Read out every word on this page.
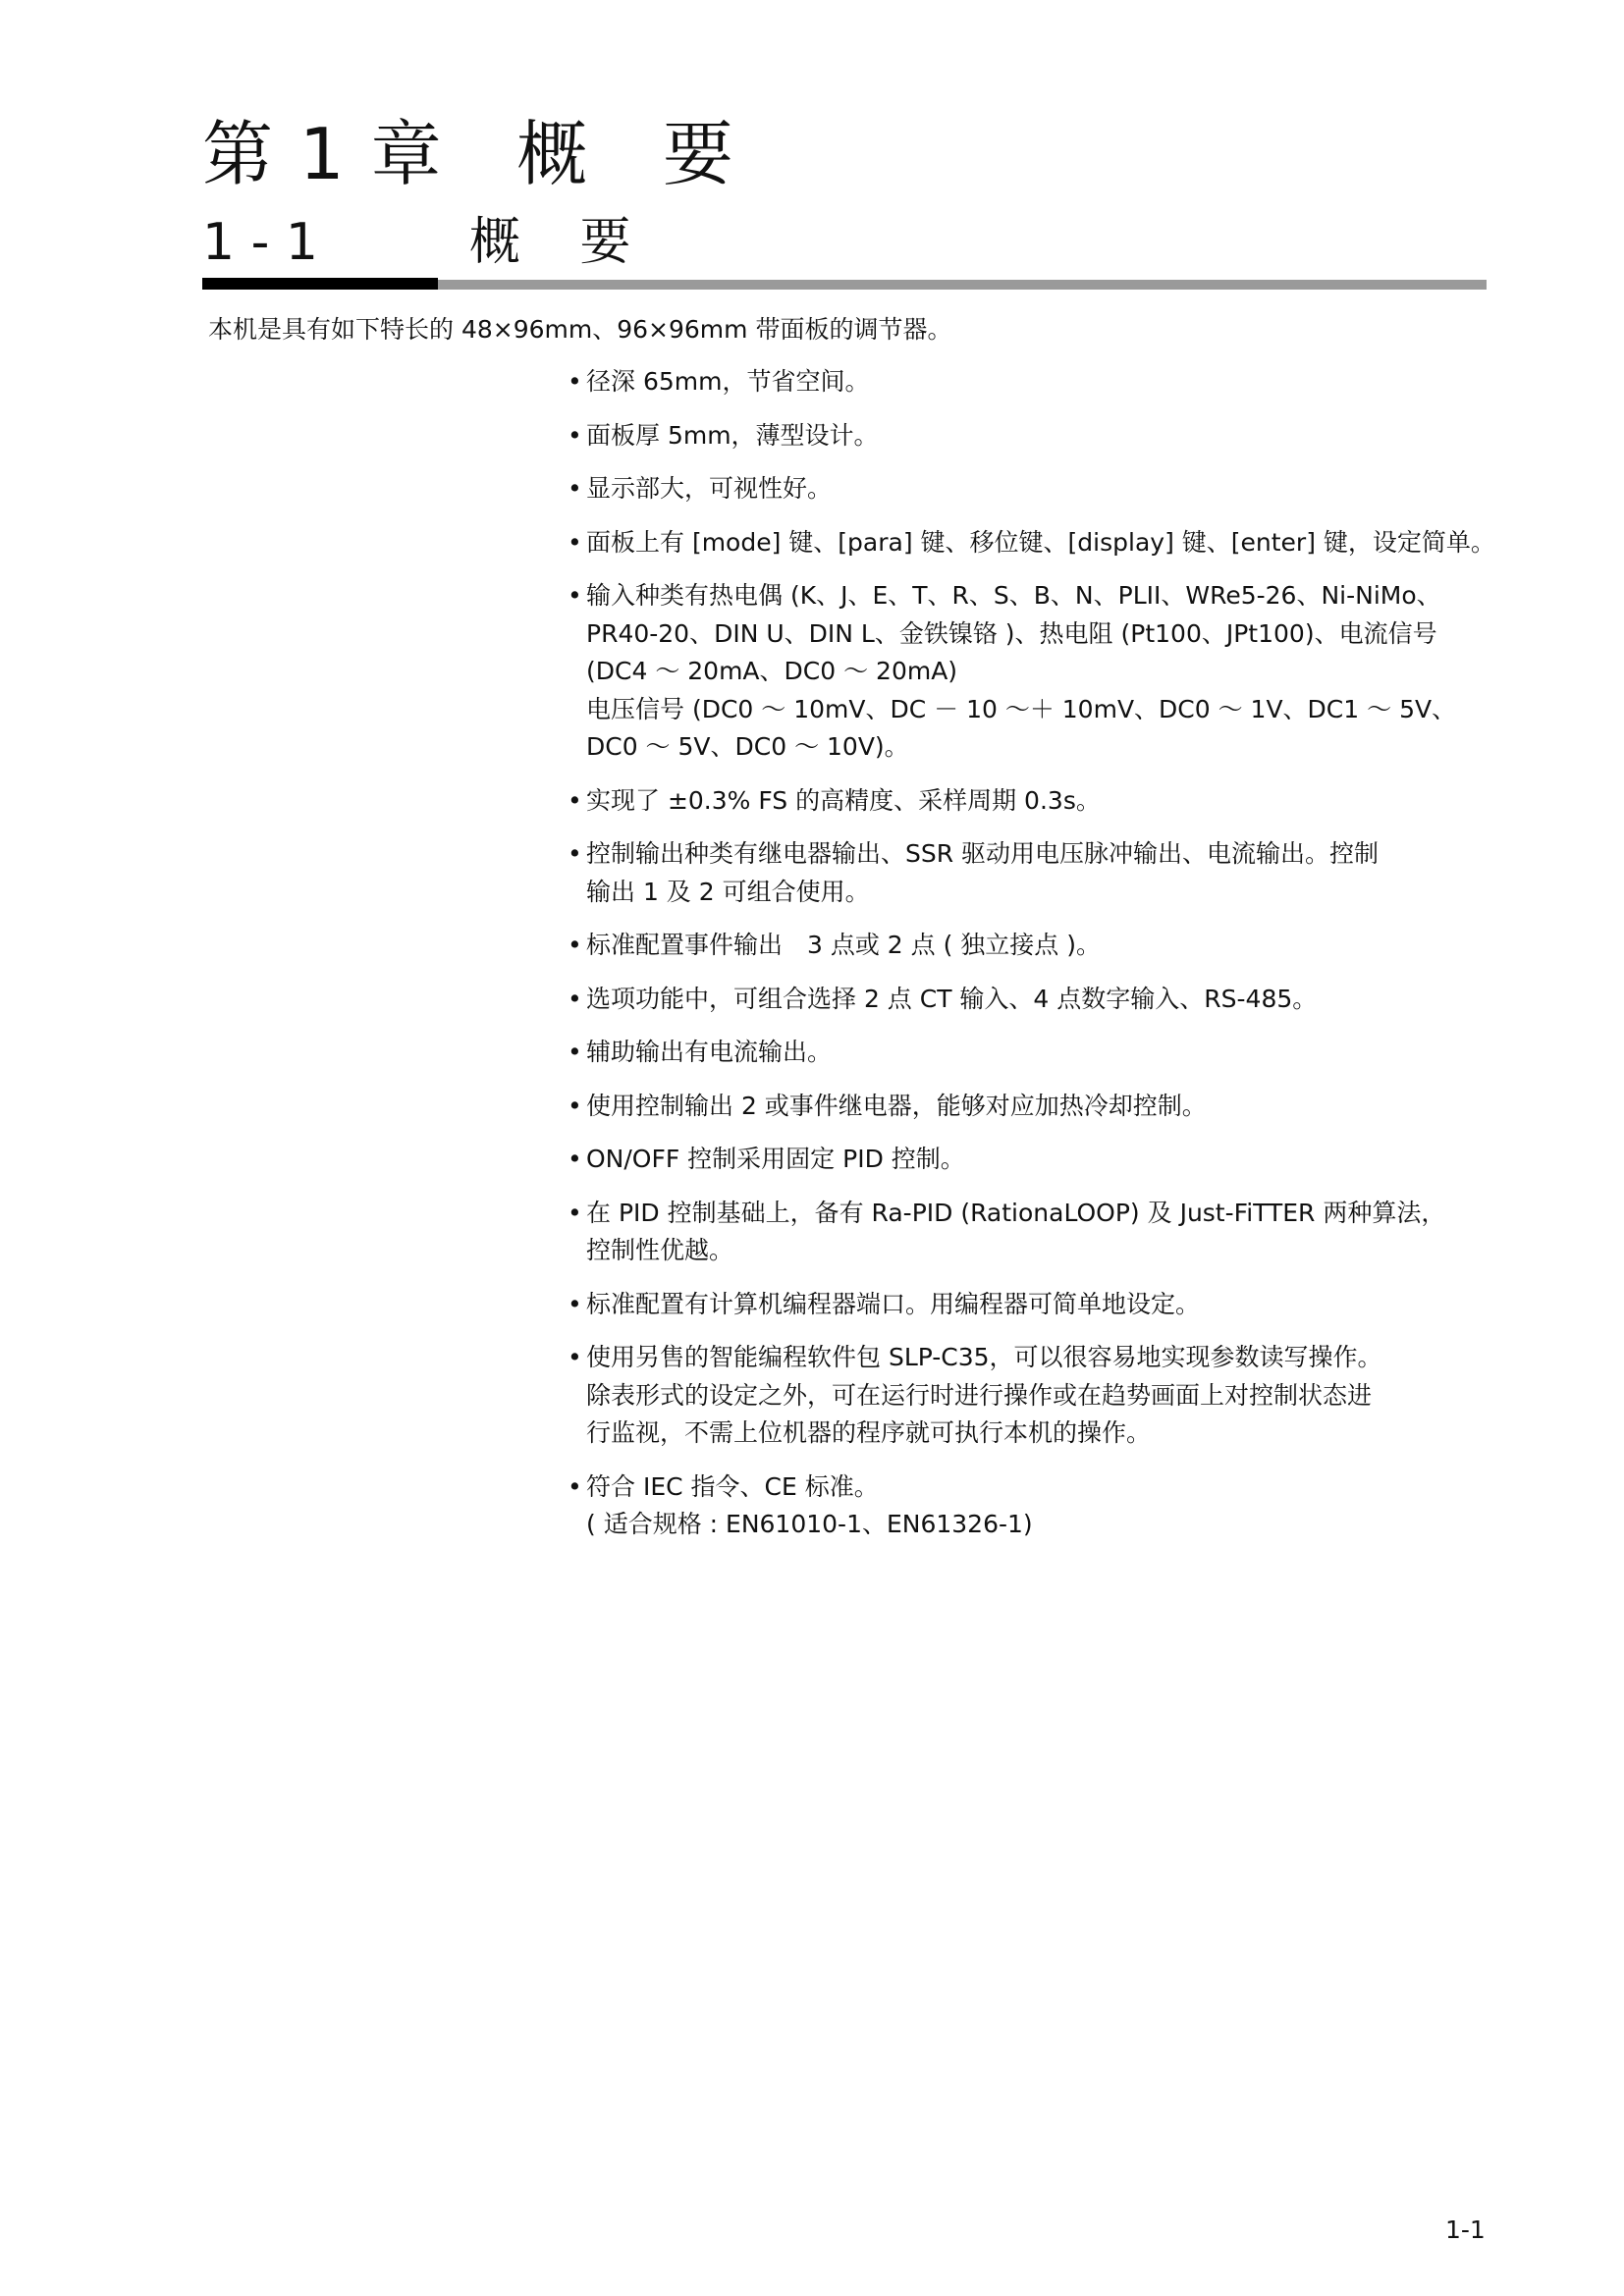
第 1 章   概   要
1 - 1	概 要
本机是具有如下特长的 48×96mm、96×96mm 带面板的调节器。
• 径深 65mm，节省空间。
• 面板厚 5mm，薄型设计。
• 显示部大，可视性好。
• 面板上有 [mode] 键、[para] 键、移位键、[display] 键、[enter] 键，设定简单。
• 输入种类有热电偶 (K、J、E、T、R、S、B、N、PLII、WRe5-26、Ni-NiMo、
PR40-20、DIN U、DIN L、金铁镍铬 )、热电阻 (Pt100、JPt100)、电流信号
(DC4 ～ 20mA、DC0 ～ 20mA)
电压信号 (DC0 ～ 10mV、DC － 10 ～＋ 10mV、DC0 ～ 1V、DC1 ～ 5V、
DC0 ～ 5V、DC0 ～ 10V)。
• 实现了 ±0.3% FS 的高精度、采样周期 0.3s。
• 控制输出种类有继电器输出、SSR 驱动用电压脉冲输出、电流输出。控制
输出 1 及 2 可组合使用。
• 标准配置事件输出　3 点或 2 点 ( 独立接点 )。
• 选项功能中，可组合选择 2 点 CT 输入、4 点数字输入、RS-485。
• 辅助输出有电流输出。
• 使用控制输出 2 或事件继电器，能够对应加热冷却控制。
• ON/OFF 控制采用固定 PID 控制。
• 在 PID 控制基础上，备有 Ra-PID (RationaLOOP) 及 Just-FiTTER 两种算法，
控制性优越。
• 标准配置有计算机编程器端口。用编程器可简单地设定。
• 使用另售的智能编程软件包 SLP-C35，可以很容易地实现参数读写操作。
除表形式的设定之外，可在运行时进行操作或在趋势画面上对控制状态进
行监视，不需上位机器的程序就可执行本机的操作。
• 符合 IEC 指令、CE 标准。
( 适合规格 : EN61010-1、EN61326-1)
1-1
